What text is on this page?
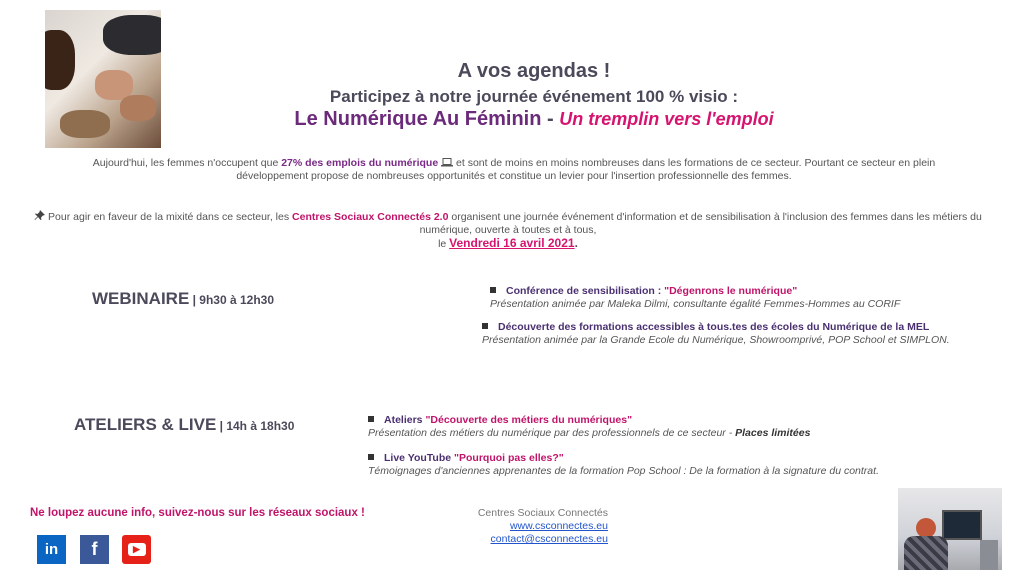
A vos agendas !
Participez à notre journée événement 100 % visio :
Le Numérique Au Féminin - Un tremplin vers l'emploi
Aujourd'hui, les femmes n'occupent que 27% des emplois du numérique  et sont de moins en moins nombreuses dans les formations de ce secteur. Pourtant ce secteur en plein développement propose de nombreuses opportunités et constitue un levier pour l'insertion professionnelle des femmes.
Pour agir en faveur de la mixité dans ce secteur, les Centres Sociaux Connectés 2.0 organisent une journée événement d'information et de sensibilisation à l'inclusion des femmes dans les métiers du numérique, ouverte à toutes et à tous,
le Vendredi 16 avril 2021.
WEBINAIRE | 9h30 à 12h30
Conférence de sensibilisation : "Dégenrons le numérique"
Présentation animée par Maleka Dilmi, consultante égalité Femmes-Hommes au CORIF
Découverte des formations accessibles à tous.tes des écoles du Numérique de la MEL
Présentation animée par la Grande Ecole du Numérique, Showroomprivé, POP School et SIMPLON.
ATELIERS & LIVE | 14h à 18h30	Ateliers "Découverte des métiers du numériques"
Présentation des métiers du numérique par des professionnels de ce secteur - Places limitées
Live YouTube "Pourquoi pas elles?"
Témoignages d'anciennes apprenantes de la formation Pop School : De la formation à la signature du contrat.
Ne loupez aucune info, suivez-nous sur les réseaux sociaux !
in f	▶
Centres Sociaux Connectés
www.csconnectes.eu
contact@csconnectes.eu
